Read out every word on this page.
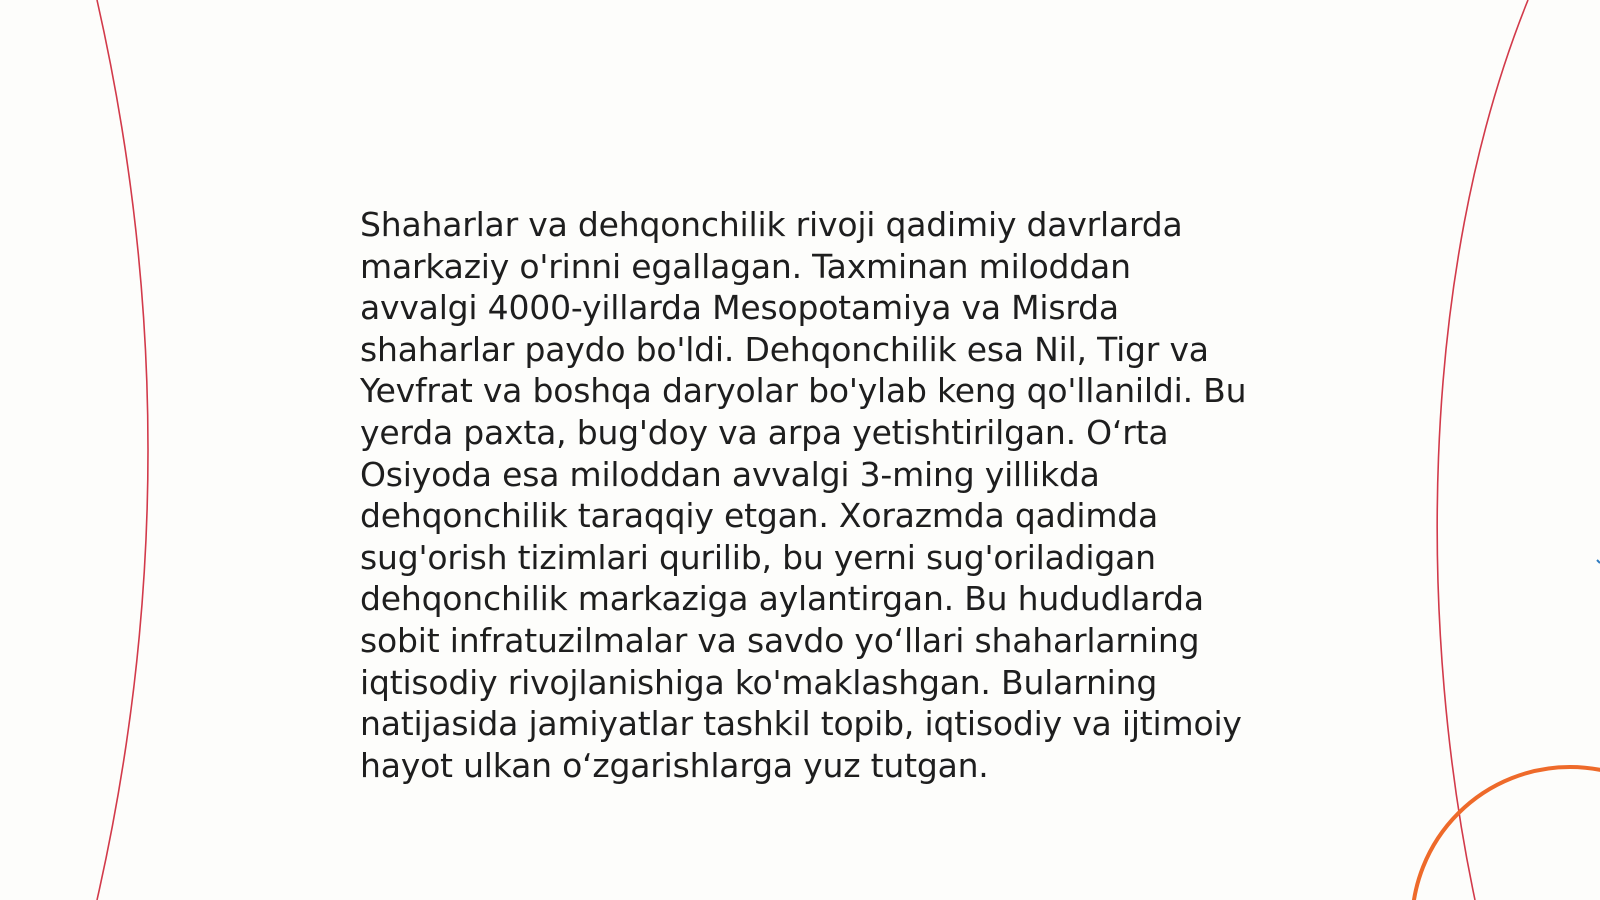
Shaharlar va dehqonchilik rivoji qadimiy davrlarda
markaziy o'rinni egallagan. Taxminan miloddan
avvalgi 4000-yillarda Mesopotamiya va Misrda
shaharlar paydo bo'ldi. Dehqonchilik esa Nil, Tigr va
Yevfrat va boshqa daryolar bo'ylab keng qo'llanildi. Bu
yerda paxta, bug'doy va arpa yetishtirilgan. O‘rta
Osiyoda esa miloddan avvalgi 3-ming yillikda
dehqonchilik taraqqiy etgan. Xorazmda qadimda
sug'orish tizimlari qurilib, bu yerni sug'oriladigan
dehqonchilik markaziga aylantirgan. Bu hududlarda
sobit infratuzilmalar va savdo yo‘llari shaharlarning
iqtisodiy rivojlanishiga ko'maklashgan. Bularning
natijasida jamiyatlar tashkil topib, iqtisodiy va ijtimoiy
hayot ulkan o‘zgarishlarga yuz tutgan.
